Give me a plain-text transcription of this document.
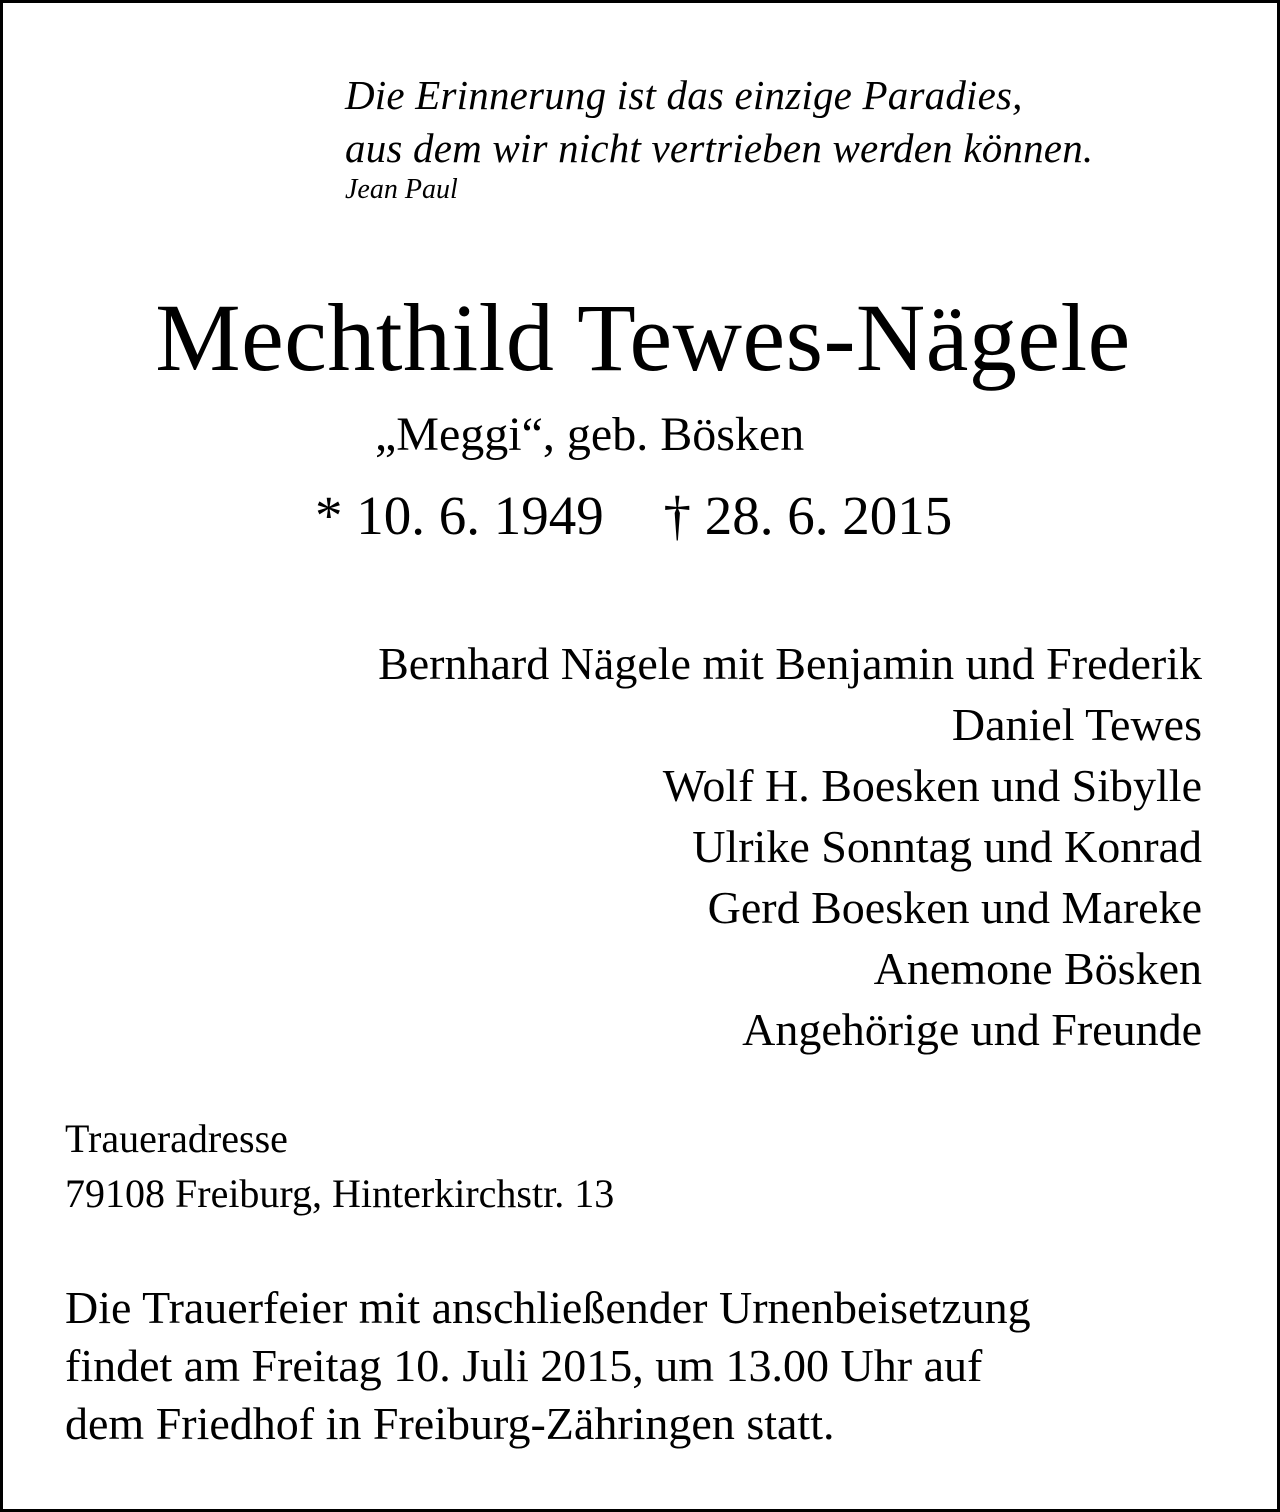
Die Erinnerung ist das einzige Paradies,
aus dem wir nicht vertrieben werden können.
Jean Paul
Mechthild Tewes-Nägele
„Meggi“, geb. Bösken
* 10. 6. 1949 † 28. 6. 2015
Bernhard Nägele mit Benjamin und Frederik
Daniel Tewes
Wolf H. Boesken und Sibylle
Ulrike Sonntag und Konrad
Gerd Boesken und Mareke
Anemone Bösken
Angehörige und Freunde
Traueradresse
79108 Freiburg, Hinterkirchstr. 13
Die Trauerfeier mit anschließender Urnenbeisetzung
findet am Freitag 10. Juli 2015, um 13.00 Uhr auf
dem Friedhof in Freiburg-Zähringen statt.
